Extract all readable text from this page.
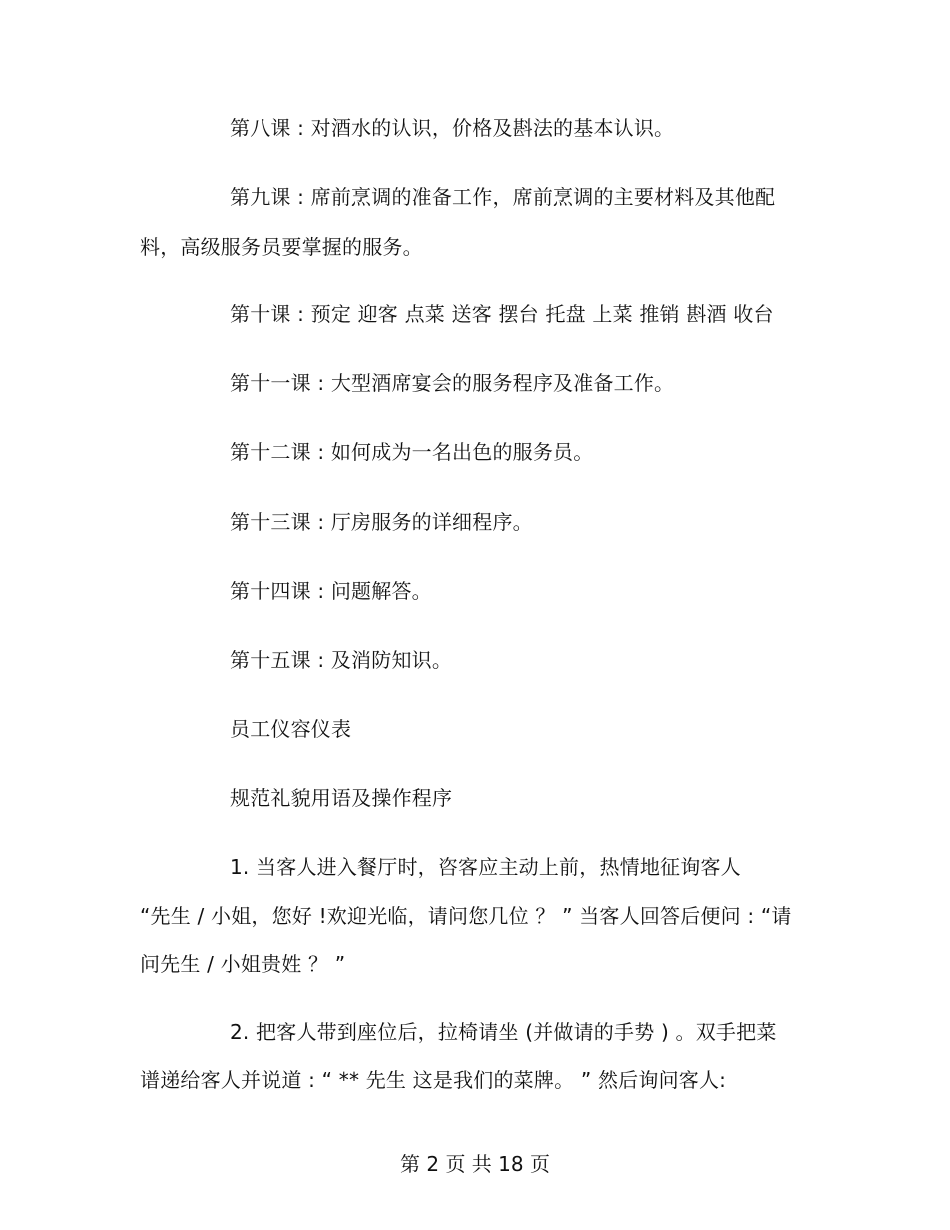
第八课 : 对酒水的认识，价格及斟法的基本认识。
第九课 : 席前烹调的准备工作，席前烹调的主要材料及其他配
料，高级服务员要掌握的服务。
第十课 : 预定 迎客 点菜 送客 摆台 托盘 上菜 推销 斟酒 收台
第十一课 : 大型酒席宴会的服务程序及准备工作。
第十二课 : 如何成为一名出色的服务员。
第十三课 : 厅房服务的详细程序。
第十四课 : 问题解答。
第十五课 : 及消防知识。
员工仪容仪表
规范礼貌用语及操作程序
1. 当客人进入餐厅时，咨客应主动上前，热情地征询客人
“先生 / 小姐，您好 !欢迎光临，请问您几位 ？ ” 当客人回答后便问 : “请
问先生 / 小姐贵姓 ？ ”
2. 把客人带到座位后，拉椅请坐 (并做请的手势 ) 。双手把菜
谱递给客人并说道 : “ ** 先生 这是我们的菜牌。 ” 然后询问客人:
第 2 页 共 18 页
